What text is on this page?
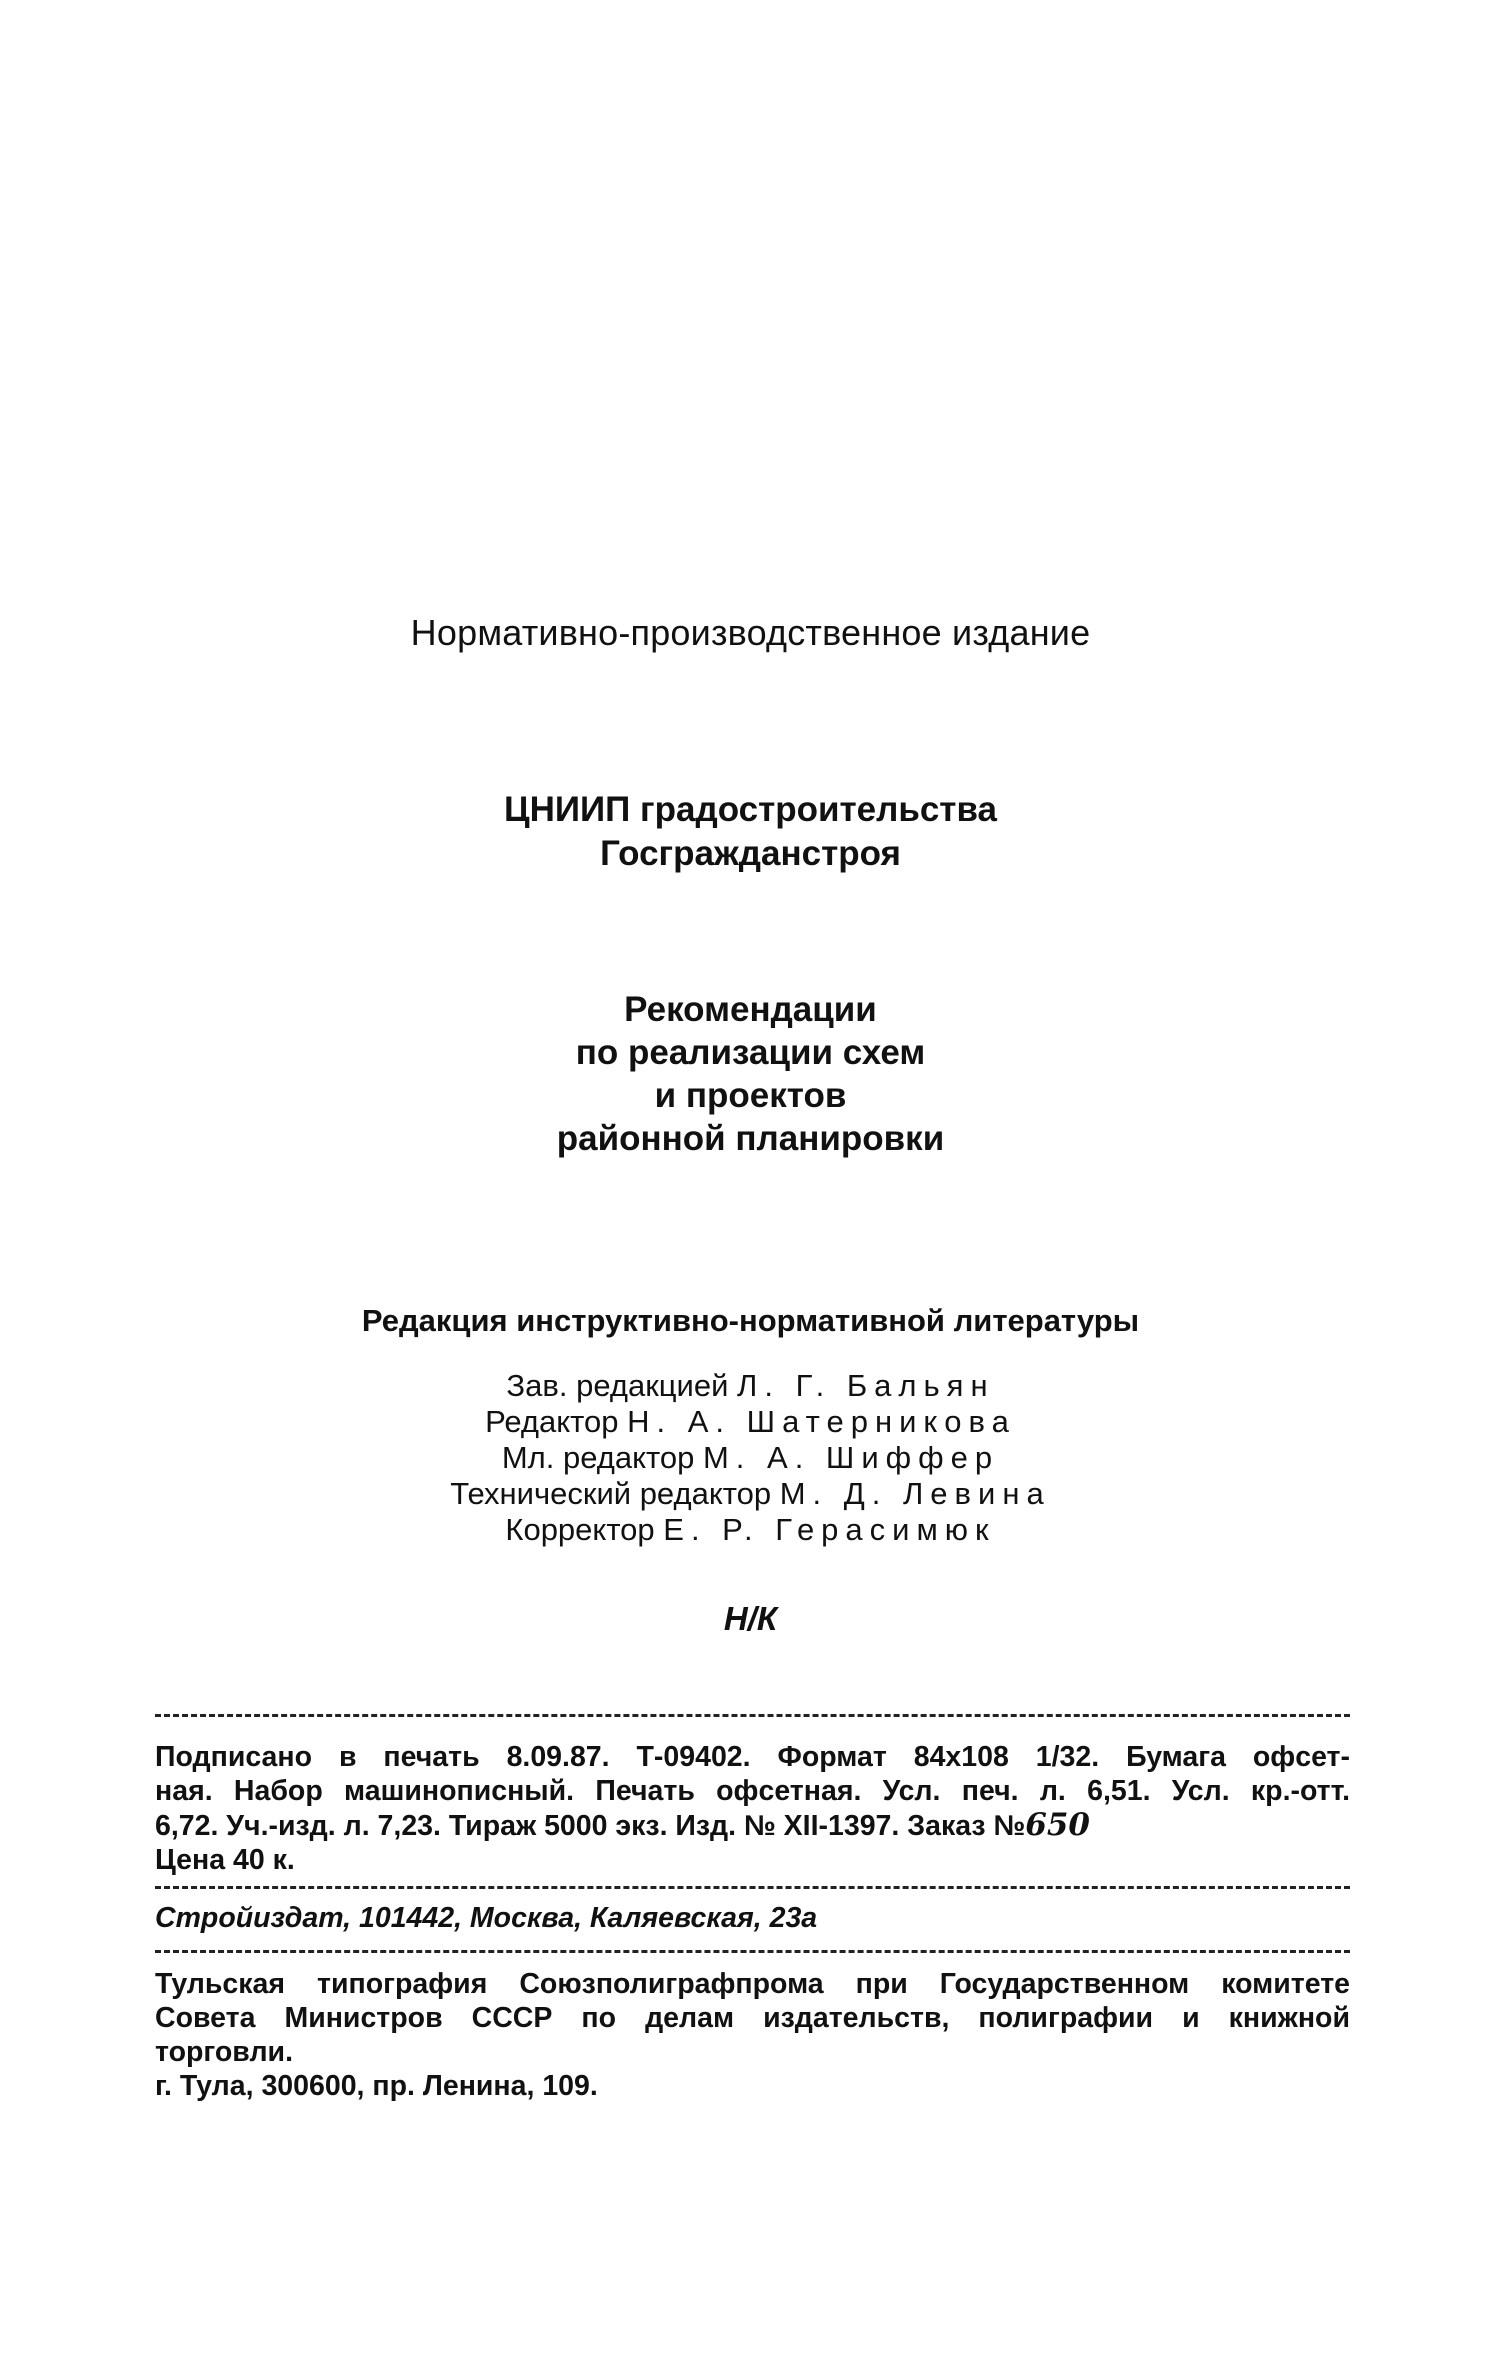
Нормативно-производственное издание
ЦНИИП градостроительства
Госгражданстроя
Рекомендации
по реализации схем
и проектов
районной планировки
Редакция инструктивно-нормативной литературы
Зав. редакцией Л. Г. Бальян
Редактор Н. А. Шатерникова
Мл. редактор М. А. Шиффер
Технический редактор М. Д. Левина
Корректор Е. Р. Герасимюк
Н/К
Подписано в печать 8.09.87. Т-09402. Формат 84x108 1/32. Бумага офсет-
ная. Набор машинописный. Печать офсетная. Усл. печ. л. 6,51. Усл. кр.-отт.
6,72. Уч.-изд. л. 7,23. Тираж 5000 экз. Изд. № XII-1397. Заказ №650
Цена 40 к.
Стройиздат, 101442, Москва, Каляевская, 23а
Тульская типография Союзполиграфпрома при Государственном комитете
Совета Министров СССР по делам издательств, полиграфии и книжной
торговли.
г. Тула, 300600, пр. Ленина, 109.
